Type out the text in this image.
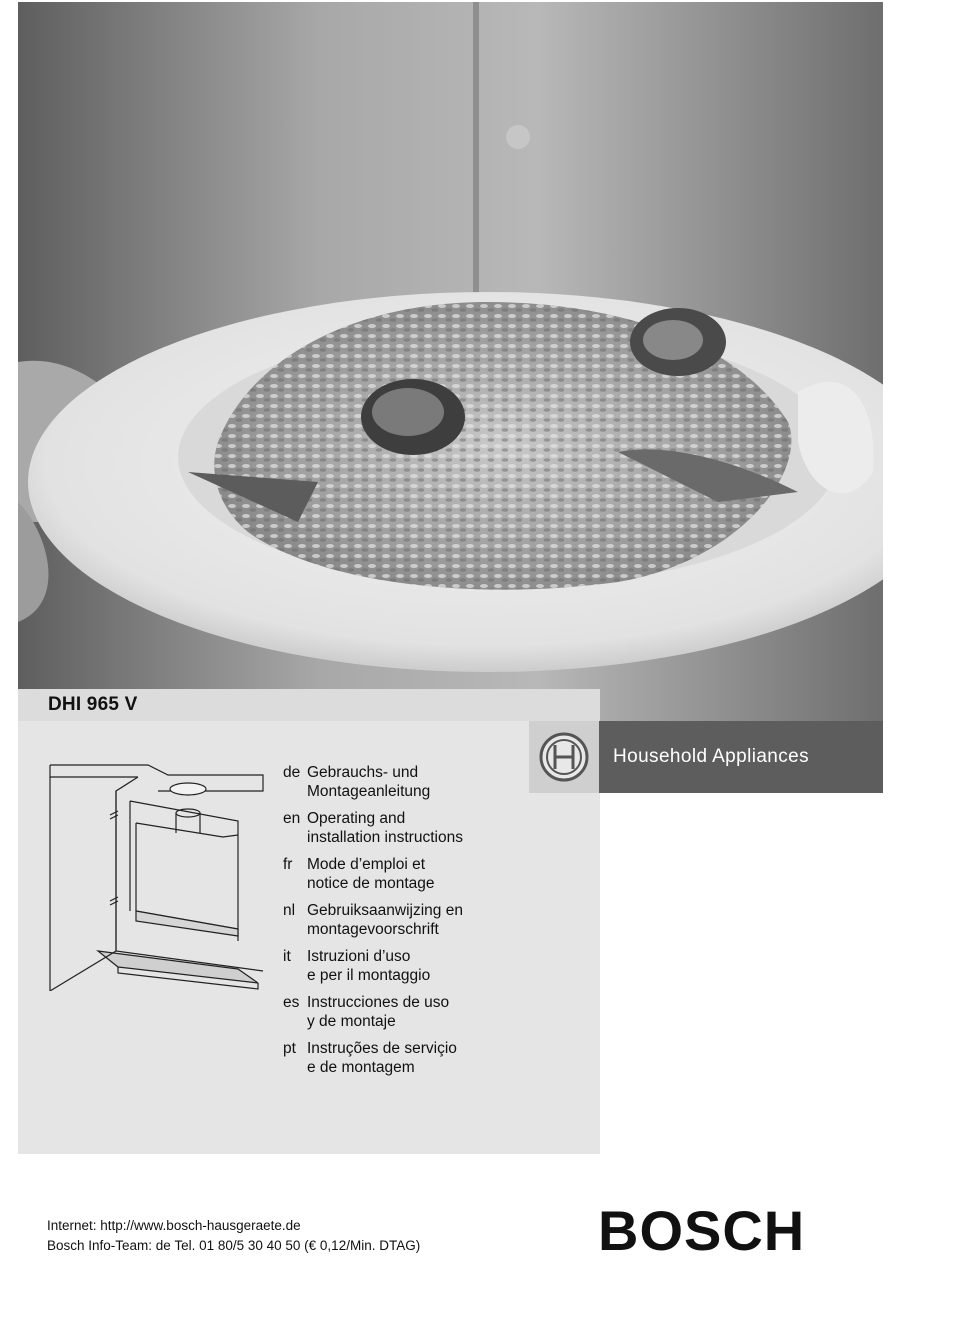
DHI 965 V
de Gebrauchs- und
Montageanleitung
en Operating and
installation instructions
fr Mode d’emploi et
notice de montage
nl Gebruiksaanwijzing en
montagevoorschrift
it	Istruzioni d’uso
e per il montaggio
es Instrucciones de uso
y de montaje
pt Instruções de serviçio
e de montagem
Household Appliances
Internet: http://www.bosch-hausgeraete.de
Bosch Info-Team: de Tel. 01 80/5 30 40 50 (€ 0,12/Min. DTAG)	BOSCH
